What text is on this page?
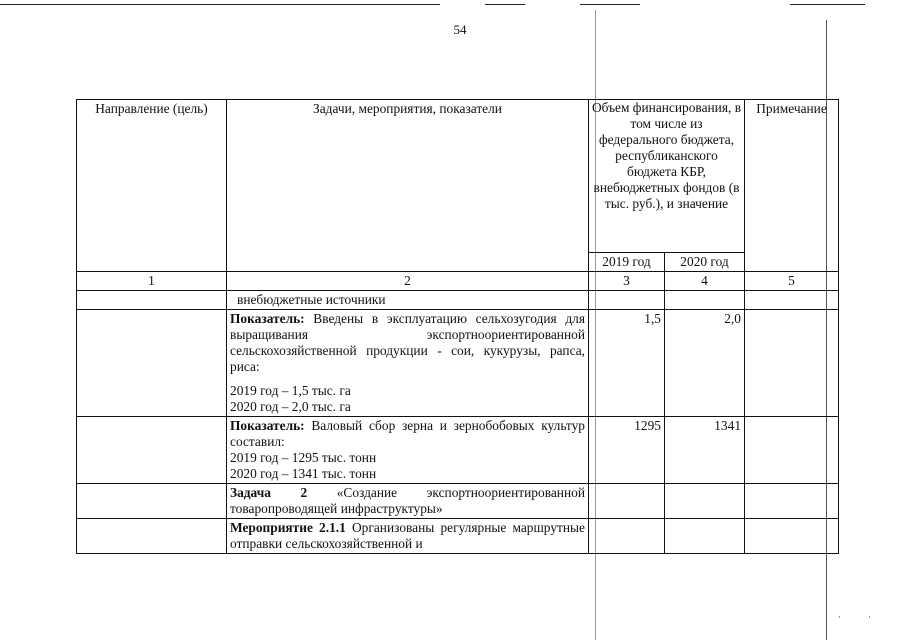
54
Направление (цель)	Задачи, мероприятия, показатели	Объем финансирования, в том числе из федерального бюджета, республиканского бюджета КБР, внебюджетных фондов (в тыс. руб.), и значение		Примечание
		2019 год	2020 год	
1	2	3	4	5
	внебюджетные источники			

	Показатель: Введены в эксплуатацию сельхозугодия для выращивания экспортноориентированной сельскохозяйственной продукции - сои, кукурузы, рапса, риса:
2019 год – 1,5 тыс. га
2020 год – 2,0 тыс. га	1,5	2,0	

	Показатель: Валовый сбор зерна и зернобобовых культур составил:
2019 год – 1295 тыс. тонн
2020 год – 1341 тыс. тонн	1295	1341	
	Задача 2 «Создание экспортноориентированной товаропроводящей инфраструктуры»			
	Мероприятие 2.1.1 Организованы регулярные маршрутные отправки сельскохозяйственной и			
·	·
